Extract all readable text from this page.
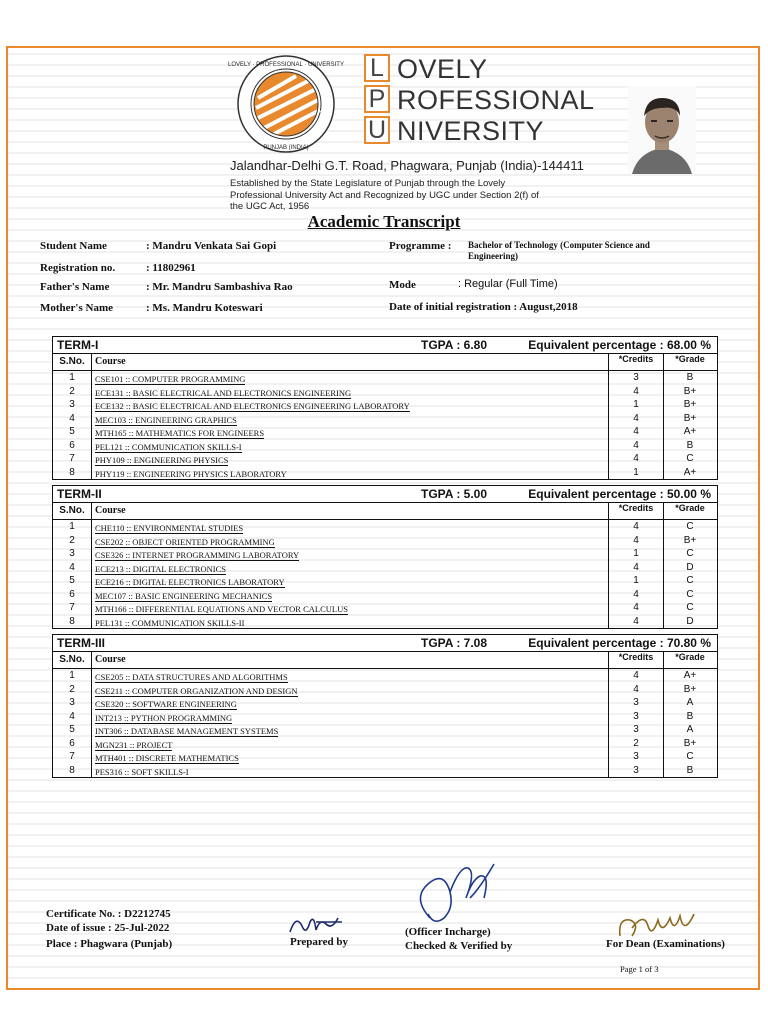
LOVELY · PROFESSIONAL · UNIVERSITY
PUNJAB (INDIA)
L
P
U
OVELY
ROFESSIONAL
NIVERSITY
Jalandhar-Delhi G.T. Road, Phagwara, Punjab (India)-144411
Established by the State Legislature of Punjab through the Lovely Professional University Act and Recognized by UGC under Section 2(f) of the UGC Act, 1956
Academic Transcript
Student Name	: Mandru Venkata Sai Gopi
Registration no.	: 11802961
Father's Name	: Mr. Mandru Sambashiva Rao
Mother's Name	: Ms. Mandru Koteswari
Programme : Bachelor of Technology (Computer Science and Engineering)
Mode	: Regular (Full Time)
Date of initial registration : August,2018
TERM-I	TGPA : 6.80	Equivalent percentage : 68.00 %
S.No.	Course	*Credits	*Grade
1	CSE101 :: COMPUTER PROGRAMMING	3	B
2	ECE131 :: BASIC ELECTRICAL AND ELECTRONICS ENGINEERING	4	B+
3	ECE132 :: BASIC ELECTRICAL AND ELECTRONICS ENGINEERING LABORATORY	1	B+
4	MEC103 :: ENGINEERING GRAPHICS	4	B+
5	MTH165 :: MATHEMATICS FOR ENGINEERS	4	A+
6	PEL121 :: COMMUNICATION SKILLS-I	4	B
7	PHY109 :: ENGINEERING PHYSICS	4	C
8	PHY119 :: ENGINEERING PHYSICS LABORATORY	1	A+
TERM-II	TGPA : 5.00	Equivalent percentage : 50.00 %
S.No.	Course	*Credits	*Grade
1	CHE110 :: ENVIRONMENTAL STUDIES	4	C
2	CSE202 :: OBJECT ORIENTED PROGRAMMING	4	B+
3	CSE326 :: INTERNET PROGRAMMING LABORATORY	1	C
4	ECE213 :: DIGITAL ELECTRONICS	4	D
5	ECE216 :: DIGITAL ELECTRONICS LABORATORY	1	C
6	MEC107 :: BASIC ENGINEERING MECHANICS	4	C
7	MTH166 :: DIFFERENTIAL EQUATIONS AND VECTOR CALCULUS	4	C
8	PEL131 :: COMMUNICATION SKILLS-II	4	D
TERM-III	TGPA : 7.08	Equivalent percentage : 70.80 %
S.No.	Course	*Credits	*Grade
1	CSE205 :: DATA STRUCTURES AND ALGORITHMS	4	A+
2	CSE211 :: COMPUTER ORGANIZATION AND DESIGN	4	B+
3	CSE320 :: SOFTWARE ENGINEERING	3	A
4	INT213 :: PYTHON PROGRAMMING	3	B
5	INT306 :: DATABASE MANAGEMENT SYSTEMS	3	A
6	MGN231 :: PROJECT	2	B+
7	MTH401 :: DISCRETE MATHEMATICS	3	C
8	PES316 :: SOFT SKILLS-I	3	B
Certificate No. : D2212745
Date of issue : 25-Jul-2022
Place : Phagwara (Punjab)	Prepared by
(Officer Incharge)
Checked & Verified by	For Dean (Examinations)
Page 1 of 3
